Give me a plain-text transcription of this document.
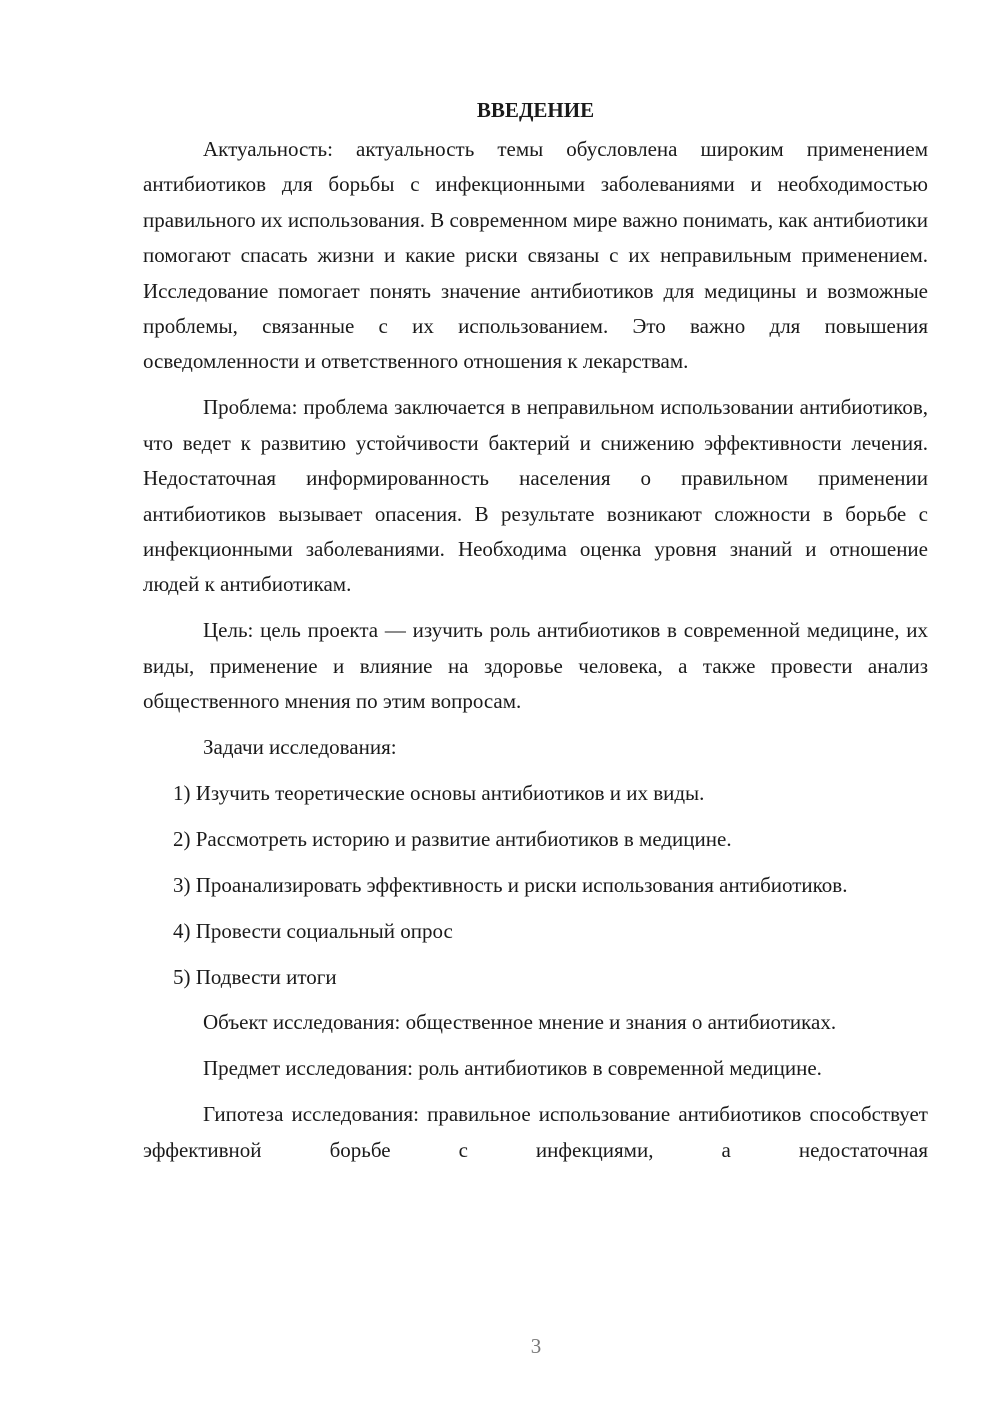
ВВЕДЕНИЕ

Актуальность: актуальность темы обусловлена широким применением антибиотиков для борьбы с инфекционными заболеваниями и необходимостью правильного их использования. В современном мире важно понимать, как антибиотики помогают спасать жизни и какие риски связаны с их неправильным применением. Исследование помогает понять значение антибиотиков для медицины и возможные проблемы, связанные с их использованием. Это важно для повышения осведомленности и ответственного отношения к лекарствам.

Проблема: проблема заключается в неправильном использовании антибиотиков, что ведет к развитию устойчивости бактерий и снижению эффективности лечения. Недостаточная информированность населения о правильном применении антибиотиков вызывает опасения. В результате возникают сложности в борьбе с инфекционными заболеваниями. Необходима оценка уровня знаний и отношение людей к антибиотикам.

Цель: цель проекта — изучить роль антибиотиков в современной медицине, их виды, применение и влияние на здоровье человека, а также провести анализ общественного мнения по этим вопросам.

Задачи исследования:

1) Изучить теоретические основы антибиотиков и их виды.

2) Рассмотреть историю и развитие антибиотиков в медицине.

3) Проанализировать эффективность и риски использования антибиотиков.

4) Провести социальный опрос

5) Подвести итоги

Объект исследования: общественное мнение и знания о антибиотиках.

Предмет исследования: роль антибиотиков в современной медицине.

Гипотеза исследования: правильное использование антибиотиков способствует эффективной борьбе с инфекциями, а недостаточная

3
